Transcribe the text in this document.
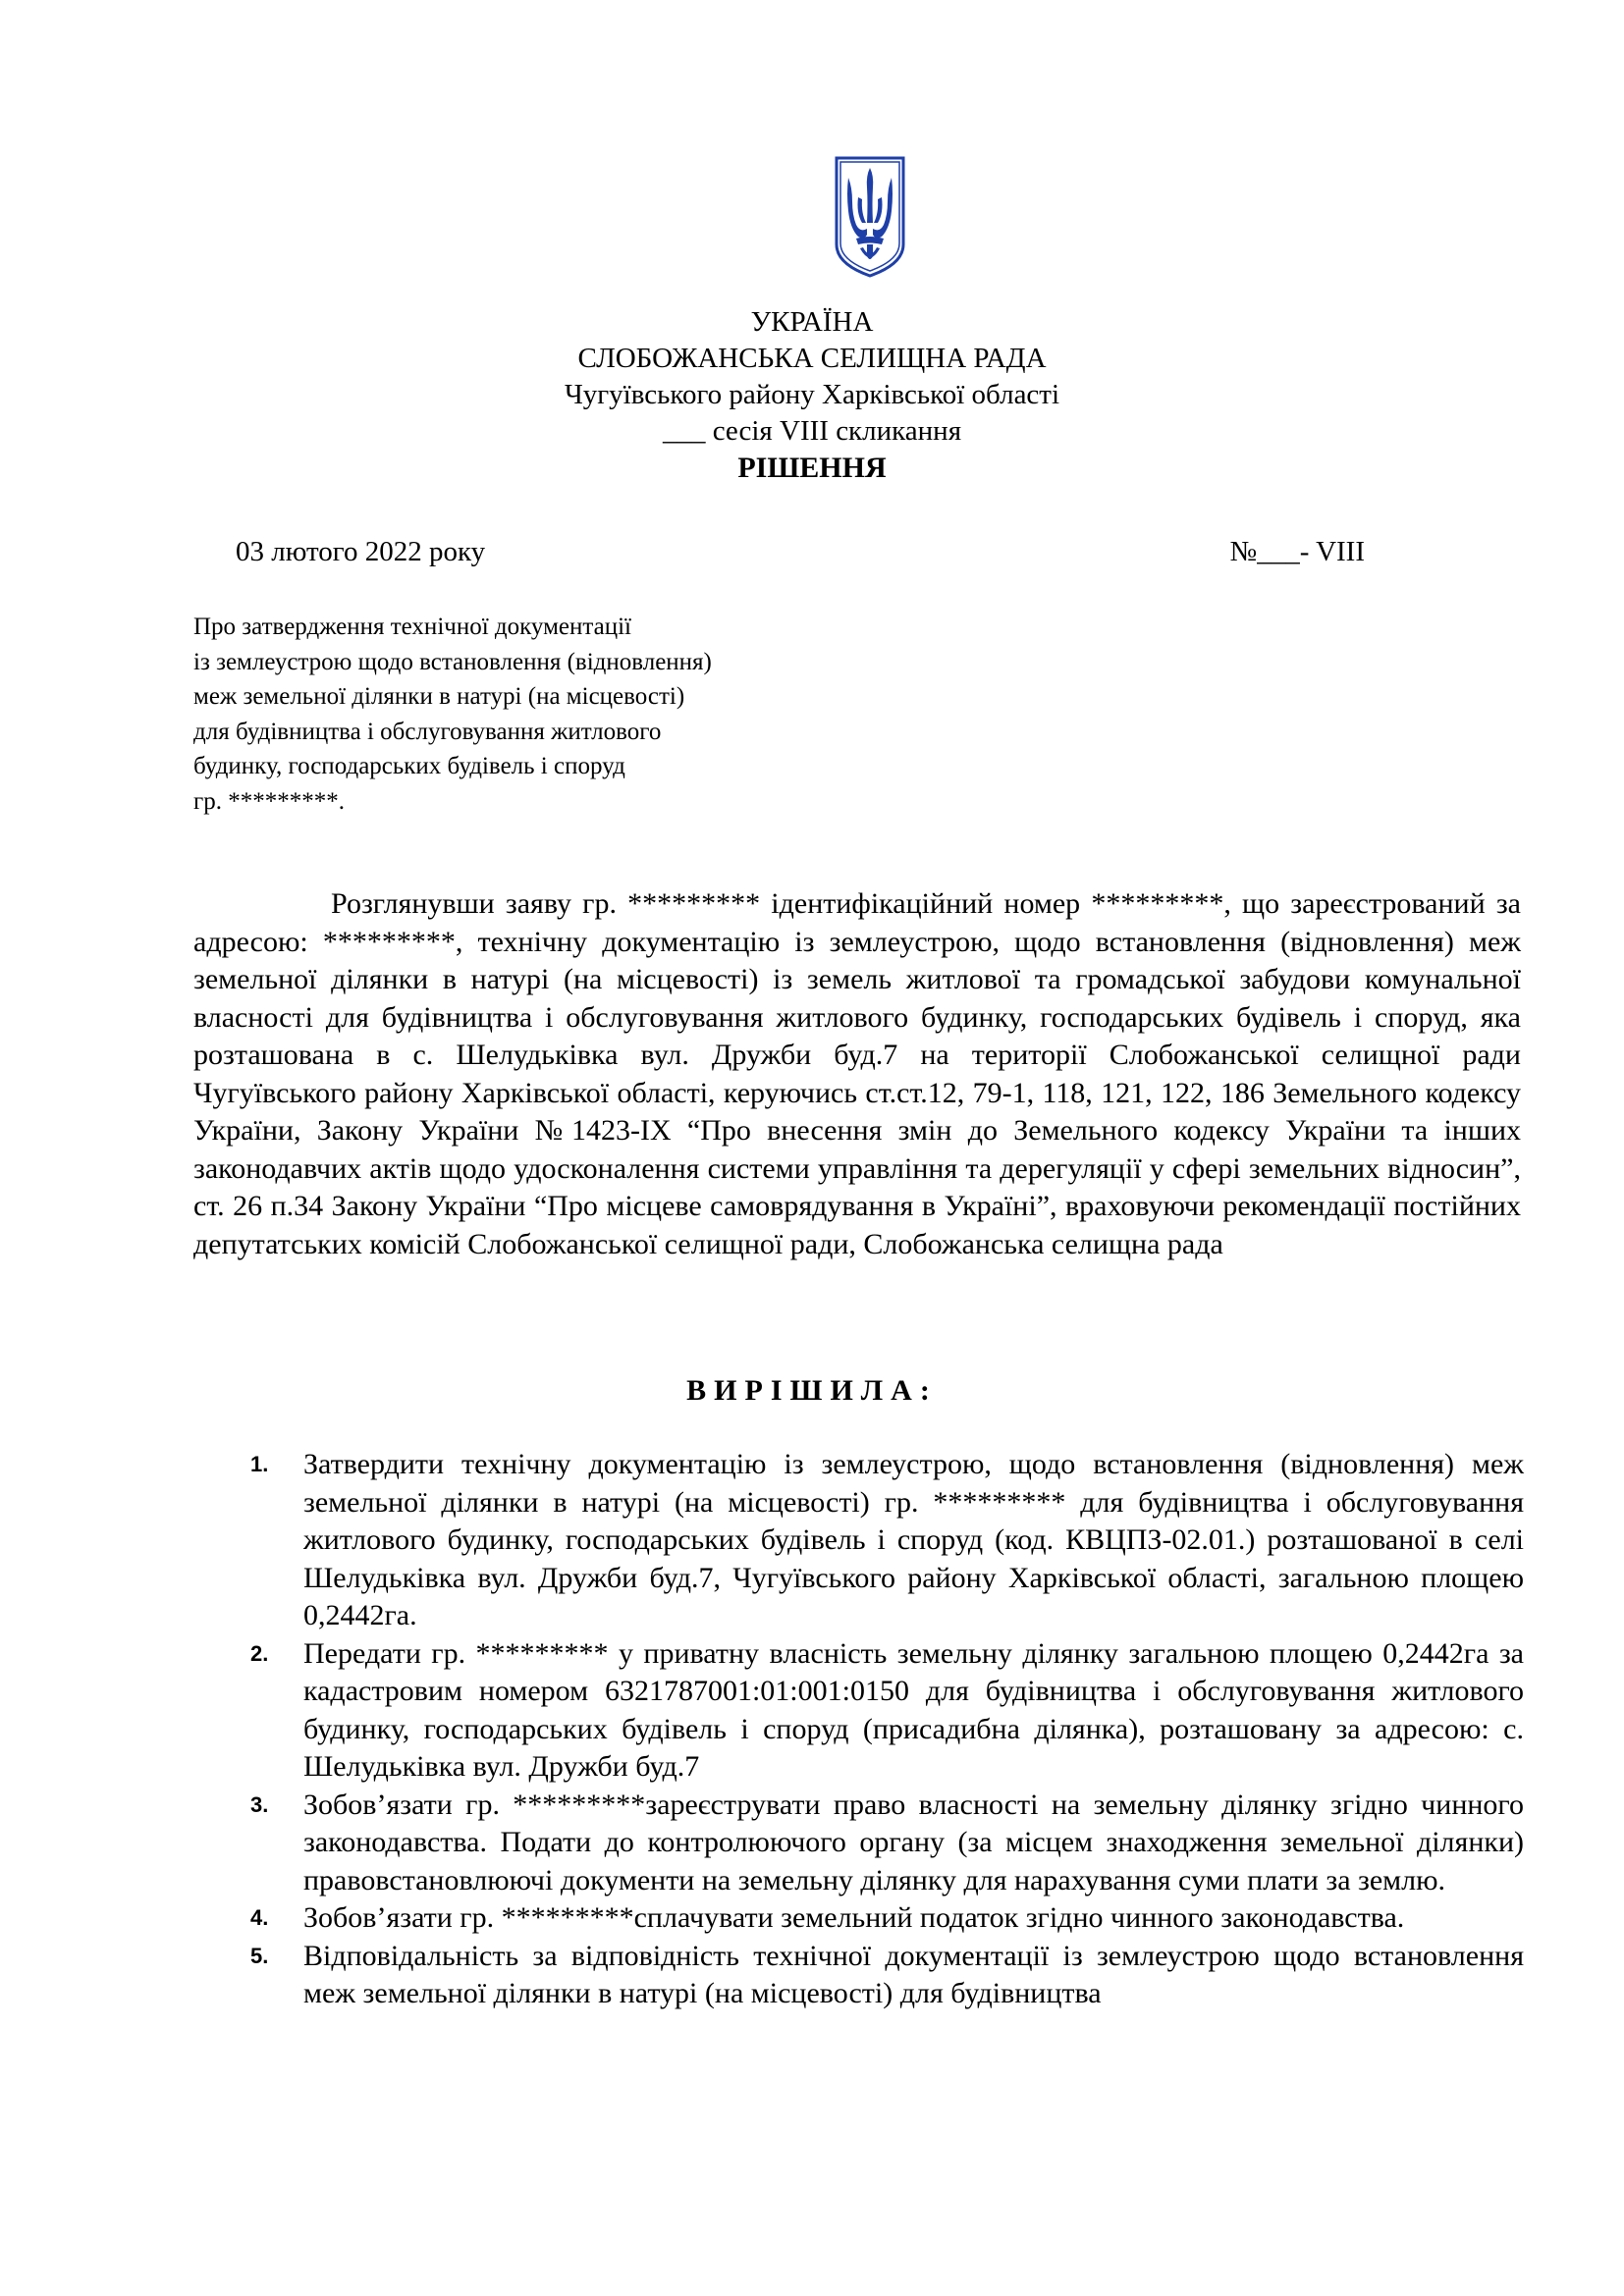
УКРАЇНА
СЛОБОЖАНСЬКА СЕЛИЩНА РАДА
Чугуївського району Харківської області
___ сесія VIII скликання
РІШЕННЯ
03 лютого 2022 року	№___- VIII
Про затвердження технічної документації
із землеустрою щодо встановлення (відновлення)
меж земельної ділянки в натурі (на місцевості)
для будівництва і обслуговування житлового
будинку, господарських будівель і споруд
гр. *********.
Розглянувши заяву гр. ********* ідентифікаційний номер *********, що зареєстрований за адресою: *********, технічну документацію із землеустрою, щодо встановлення (відновлення) меж земельної ділянки в натурі (на місцевості) із земель житлової та громадської забудови комунальної власності для будівництва і обслуговування житлового будинку, господарських будівель і споруд, яка розташована в с. Шелудьківка вул. Дружби буд.7 на території Слобожанської селищної ради Чугуївського району Харківської області, керуючись ст.ст.12, 79-1, 118, 121, 122, 186 Земельного кодексу України, Закону України №1423-IX “Про внесення змін до Земельного кодексу України та інших законодавчих актів щодо удосконалення системи управління та дерегуляції у сфері земельних відносин”, ст. 26 п.34 Закону України “Про місцеве самоврядування в Україні”, враховуючи рекомендації постійних депутатських комісій Слобожанської селищної ради, Слобожанська селищна рада
ВИРІШИЛА:
1. Затвердити технічну документацію із землеустрою, щодо встановлення (відновлення) меж земельної ділянки в натурі (на місцевості) гр. ********* для будівництва і обслуговування житлового будинку, господарських будівель і споруд (код. КВЦПЗ-02.01.) розташованої в селі Шелудьківка вул. Дружби буд.7, Чугуївського району Харківської області, загальною площею 0,2442га.
2. Передати гр. ********* у приватну власність земельну ділянку загальною площею 0,2442га за кадастровим номером 6321787001:01:001:0150 для будівництва і обслуговування житлового будинку, господарських будівель і споруд (присадибна ділянка), розташовану за адресою: с. Шелудьківка вул. Дружби буд.7
3. Зобов’язати гр. *********зареєструвати право власності на земельну ділянку згідно чинного законодавства. Подати до контролюючого органу (за місцем знаходження земельної ділянки) правовстановлюючі документи на земельну ділянку для нарахування суми плати за землю.
4. Зобов’язати гр. *********сплачувати земельний податок згідно чинного законодавства.
5. Відповідальність за відповідність технічної документації із землеустрою щодо встановлення меж земельної ділянки в натурі (на місцевості) для будівництва
